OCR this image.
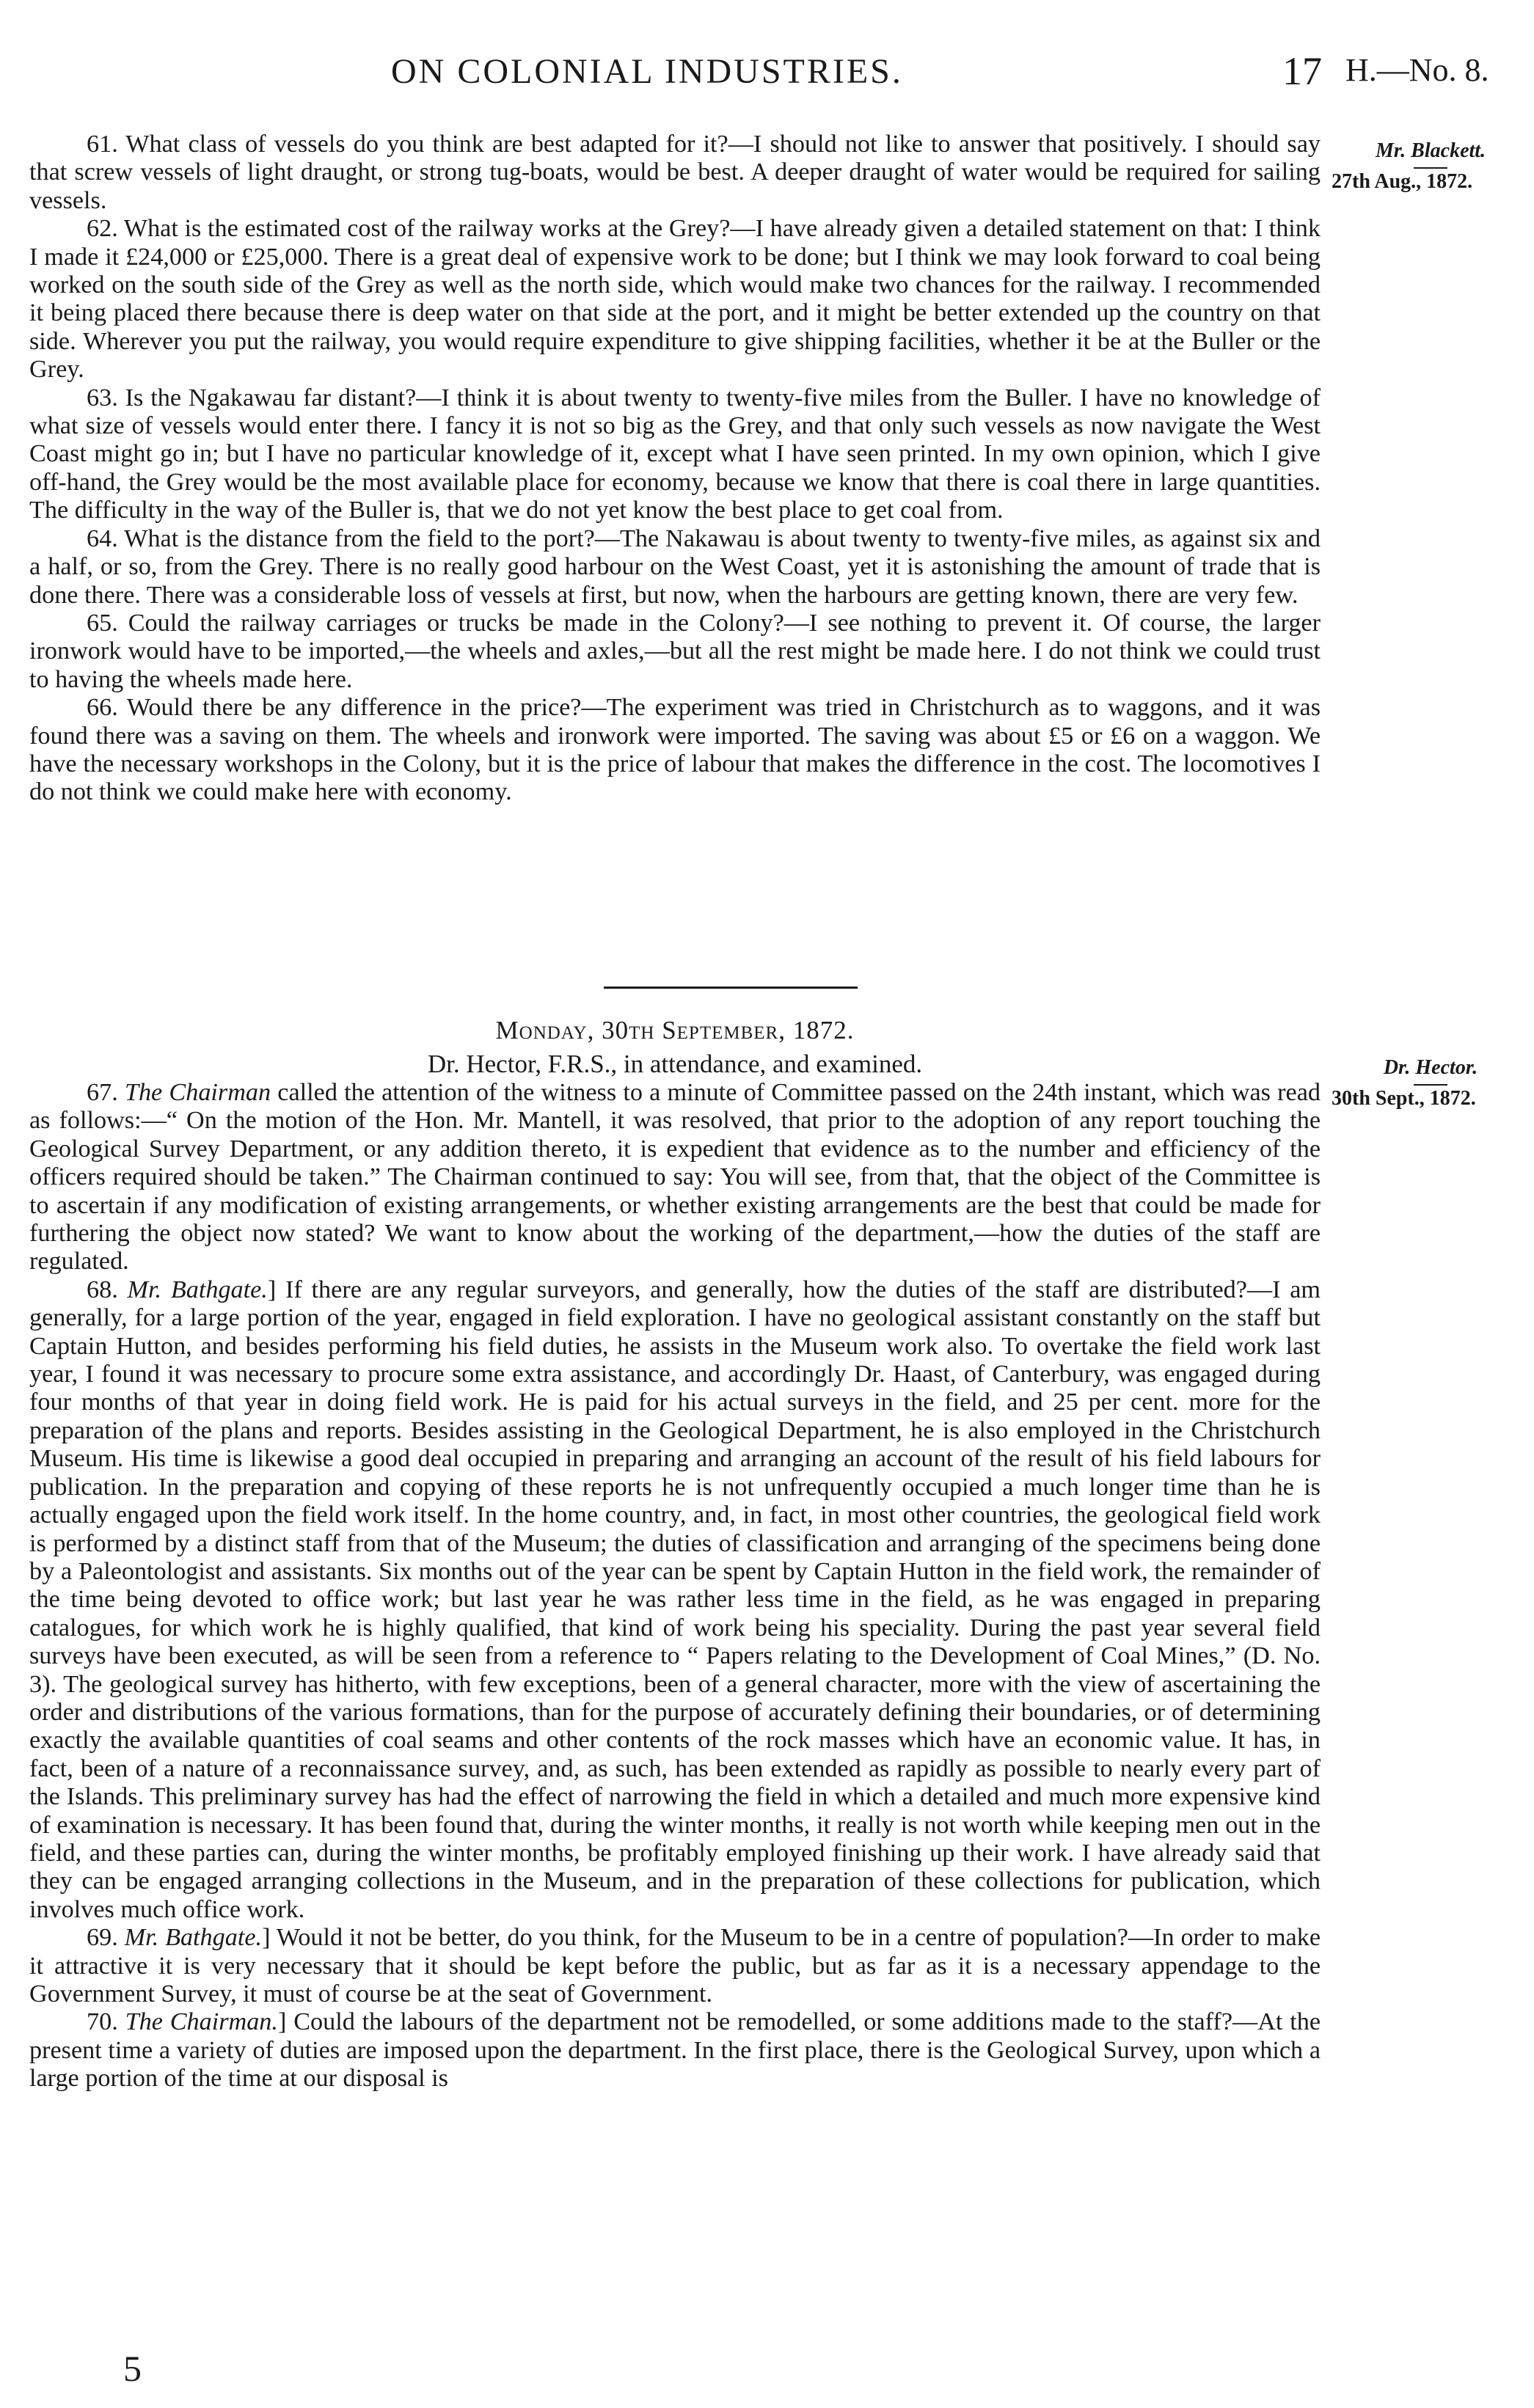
ON COLONIAL INDUSTRIES.	17 H.—No. 8.
Mr. Blackett.
27th Aug., 1872.
Dr. Hector.
30th Sept., 1872.

61. What class of vessels do you think are best adapted for it?—I should not like to answer that positively. I should say that screw vessels of light draught, or strong tug-boats, would be best. A deeper draught of water would be required for sailing vessels.

62. What is the estimated cost of the railway works at the Grey?—I have already given a detailed statement on that: I think I made it £24,000 or £25,000. There is a great deal of expensive work to be done; but I think we may look forward to coal being worked on the south side of the Grey as well as the north side, which would make two chances for the railway. I recommended it being placed there because there is deep water on that side at the port, and it might be better extended up the country on that side. Wherever you put the railway, you would require expenditure to give shipping facilities, whether it be at the Buller or the Grey.

63. Is the Ngakawau far distant?—I think it is about twenty to twenty-five miles from the Buller. I have no knowledge of what size of vessels would enter there. I fancy it is not so big as the Grey, and that only such vessels as now navigate the West Coast might go in; but I have no particular knowledge of it, except what I have seen printed. In my own opinion, which I give off-hand, the Grey would be the most available place for economy, because we know that there is coal there in large quantities. The difficulty in the way of the Buller is, that we do not yet know the best place to get coal from.

64. What is the distance from the field to the port?—The Nakawau is about twenty to twenty-five miles, as against six and a half, or so, from the Grey. There is no really good harbour on the West Coast, yet it is astonishing the amount of trade that is done there. There was a considerable loss of vessels at first, but now, when the harbours are getting known, there are very few.

65. Could the railway carriages or trucks be made in the Colony?—I see nothing to prevent it. Of course, the larger ironwork would have to be imported,—the wheels and axles,—but all the rest might be made here. I do not think we could trust to having the wheels made here.

66. Would there be any difference in the price?—The experiment was tried in Christchurch as to waggons, and it was found there was a saving on them. The wheels and ironwork were imported. The saving was about £5 or £6 on a waggon. We have the necessary workshops in the Colony, but it is the price of labour that makes the difference in the cost. The locomotives I do not think we could make here with economy.

Monday, 30th September, 1872.
Dr. Hector, F.R.S., in attendance, and examined.

67. The Chairman called the attention of the witness to a minute of Committee passed on the 24th instant, which was read as follows:—“ On the motion of the Hon. Mr. Mantell, it was resolved, that prior to the adoption of any report touching the Geological Survey Department, or any addition thereto, it is expedient that evidence as to the number and efficiency of the officers required should be taken.” The Chairman continued to say: You will see, from that, that the object of the Committee is to ascertain if any modification of existing arrangements, or whether existing arrangements are the best that could be made for furthering the object now stated? We want to know about the working of the department,—how the duties of the staff are regulated.

68. Mr. Bathgate.] If there are any regular surveyors, and generally, how the duties of the staff are distributed?—I am generally, for a large portion of the year, engaged in field exploration. I have no geological assistant constantly on the staff but Captain Hutton, and besides performing his field duties, he assists in the Museum work also. To overtake the field work last year, I found it was necessary to procure some extra assistance, and accordingly Dr. Haast, of Canterbury, was engaged during four months of that year in doing field work. He is paid for his actual surveys in the field, and 25 per cent. more for the preparation of the plans and reports. Besides assisting in the Geological Department, he is also employed in the Christchurch Museum. His time is likewise a good deal occupied in preparing and arranging an account of the result of his field labours for publication. In the preparation and copying of these reports he is not unfrequently occupied a much longer time than he is actually engaged upon the field work itself. In the home country, and, in fact, in most other countries, the geological field work is performed by a distinct staff from that of the Museum; the duties of classification and arranging of the specimens being done by a Paleontologist and assistants. Six months out of the year can be spent by Captain Hutton in the field work, the remainder of the time being devoted to office work; but last year he was rather less time in the field, as he was engaged in preparing catalogues, for which work he is highly qualified, that kind of work being his speciality. During the past year several field surveys have been executed, as will be seen from a reference to “ Papers relating to the Development of Coal Mines,” (D. No. 3). The geological survey has hitherto, with few exceptions, been of a general character, more with the view of ascertaining the order and distributions of the various formations, than for the purpose of accurately defining their boundaries, or of determining exactly the available quantities of coal seams and other contents of the rock masses which have an economic value. It has, in fact, been of a nature of a reconnaissance survey, and, as such, has been extended as rapidly as possible to nearly every part of the Islands. This preliminary survey has had the effect of narrowing the field in which a detailed and much more expensive kind of examination is necessary. It has been found that, during the winter months, it really is not worth while keeping men out in the field, and these parties can, during the winter months, be profitably employed finishing up their work. I have already said that they can be engaged arranging collections in the Museum, and in the preparation of these collections for publication, which involves much office work.

69. Mr. Bathgate.] Would it not be better, do you think, for the Museum to be in a centre of population?—In order to make it attractive it is very necessary that it should be kept before the public, but as far as it is a necessary appendage to the Government Survey, it must of course be at the seat of Government.

70. The Chairman.] Could the labours of the department not be remodelled, or some additions made to the staff?—At the present time a variety of duties are imposed upon the department. In the first place, there is the Geological Survey, upon which a large portion of the time at our disposal is

5
